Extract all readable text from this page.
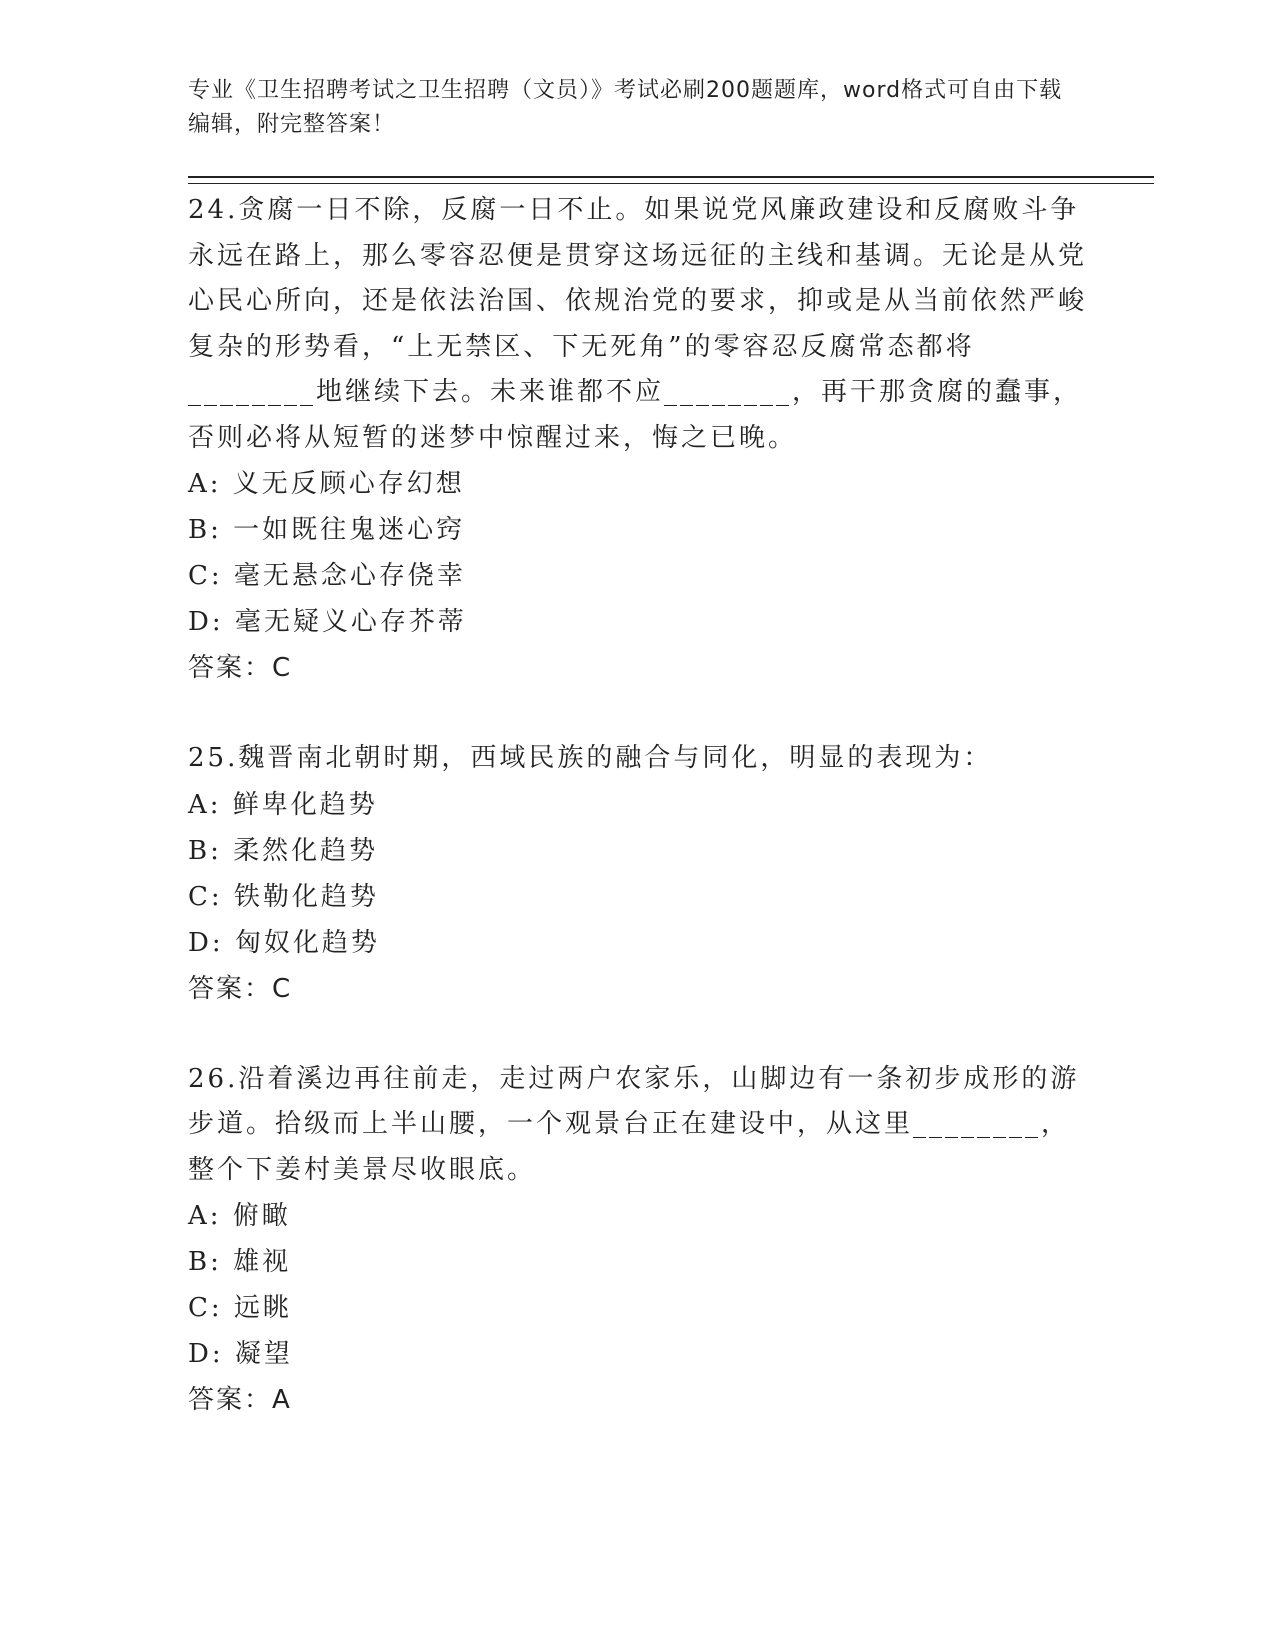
专业《卫生招聘考试之卫生招聘（文员）》考试必刷200题题库，word格式可自由下载编辑，附完整答案！

24.贪腐一日不除，反腐一日不止。如果说党风廉政建设和反腐败斗争永远在路上，那么零容忍便是贯穿这场远征的主线和基调。无论是从党心民心所向，还是依法治国、依规治党的要求，抑或是从当前依然严峻复杂的形势看，“上无禁区、下无死角”的零容忍反腐常态都将________地继续下去。未来谁都不应________，再干那贪腐的蠢事，否则必将从短暂的迷梦中惊醒过来，悔之已晚。

A: 义无反顾心存幻想

B: 一如既往鬼迷心窍

C: 毫无悬念心存侥幸

D: 毫无疑义心存芥蒂

答案：C

25.魏晋南北朝时期，西域民族的融合与同化，明显的表现为：

A: 鲜卑化趋势

B: 柔然化趋势

C: 铁勒化趋势

D: 匈奴化趋势

答案：C

26.沿着溪边再往前走，走过两户农家乐，山脚边有一条初步成形的游步道。拾级而上半山腰，一个观景台正在建设中，从这里________，整个下姜村美景尽收眼底。

A: 俯瞰

B: 雄视

C: 远眺

D: 凝望

答案：A
